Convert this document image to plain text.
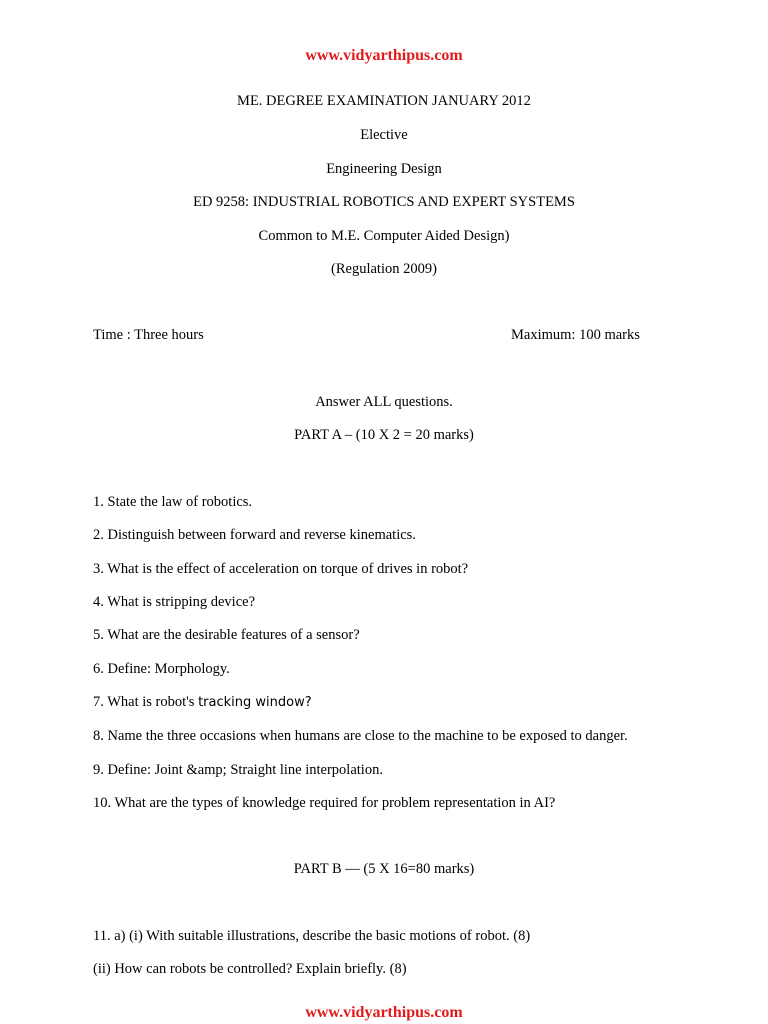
www.vidyarthipus.com
ME. DEGREE EXAMINATION JANUARY 2012
Elective
Engineering Design
ED 9258: INDUSTRIAL ROBOTICS AND EXPERT SYSTEMS
Common to M.E. Computer Aided Design)
(Regulation 2009)
Time : Three hours	Maximum: 100 marks
Answer ALL questions.
PART A – (10 X 2 = 20 marks)
1. State the law of robotics.
2. Distinguish between forward and reverse kinematics.
3. What is the effect of acceleration on torque of drives in robot?
4. What is stripping device?
5. What are the desirable features of a sensor?
6. Define: Morphology.
7. What is robot's tracking window?
8. Name the three occasions when humans are close to the machine to be exposed to danger.
9. Define: Joint &amp; Straight line interpolation.
10. What are the types of knowledge required for problem representation in AI?
PART B — (5 X 16=80 marks)
11. a) (i) With suitable illustrations, describe the basic motions of robot. (8)
(ii) How can robots be controlled? Explain briefly. (8)
www.vidyarthipus.com
